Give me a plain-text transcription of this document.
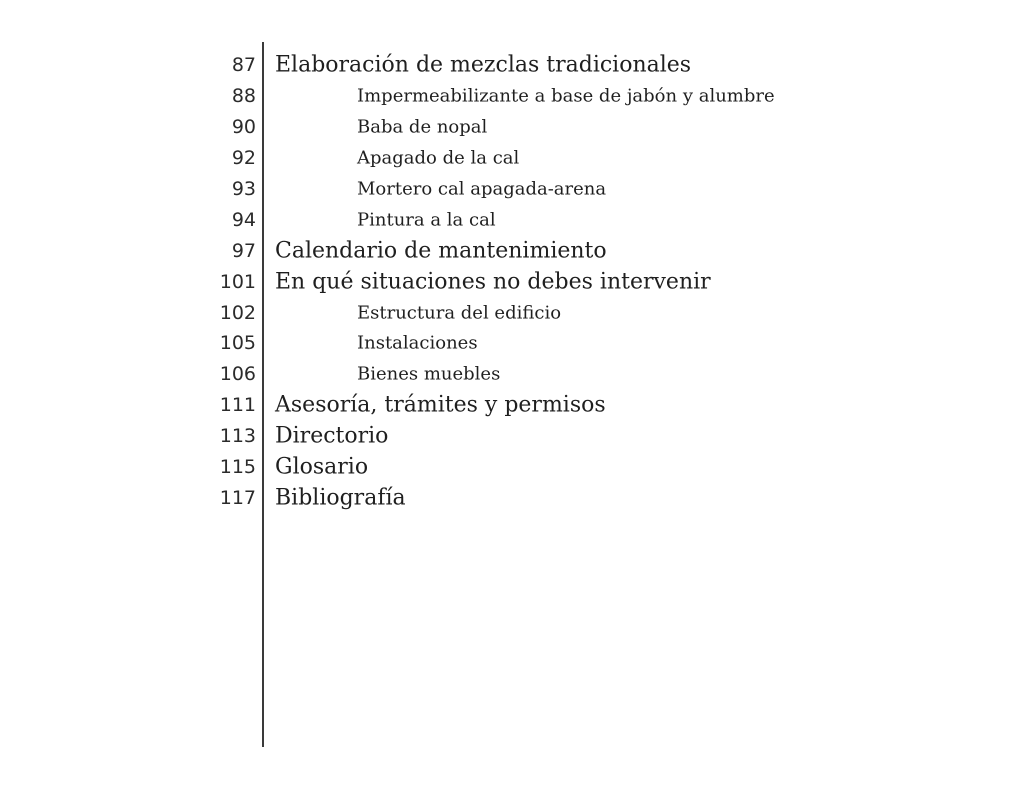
87 Elaboración de mezclas tradicionales
88	Impermeabilizante a base de jabón y alumbre
90	Baba de nopal
92	Apagado de la cal
93	Mortero cal apagada-arena
94	Pintura a la cal
97 Calendario de mantenimiento
101 En qué situaciones no debes intervenir
102	Estructura del edificio
105	Instalaciones
106	Bienes muebles
111 Asesoría, trámites y permisos
113 Directorio
115 Glosario
117 Bibliografía
